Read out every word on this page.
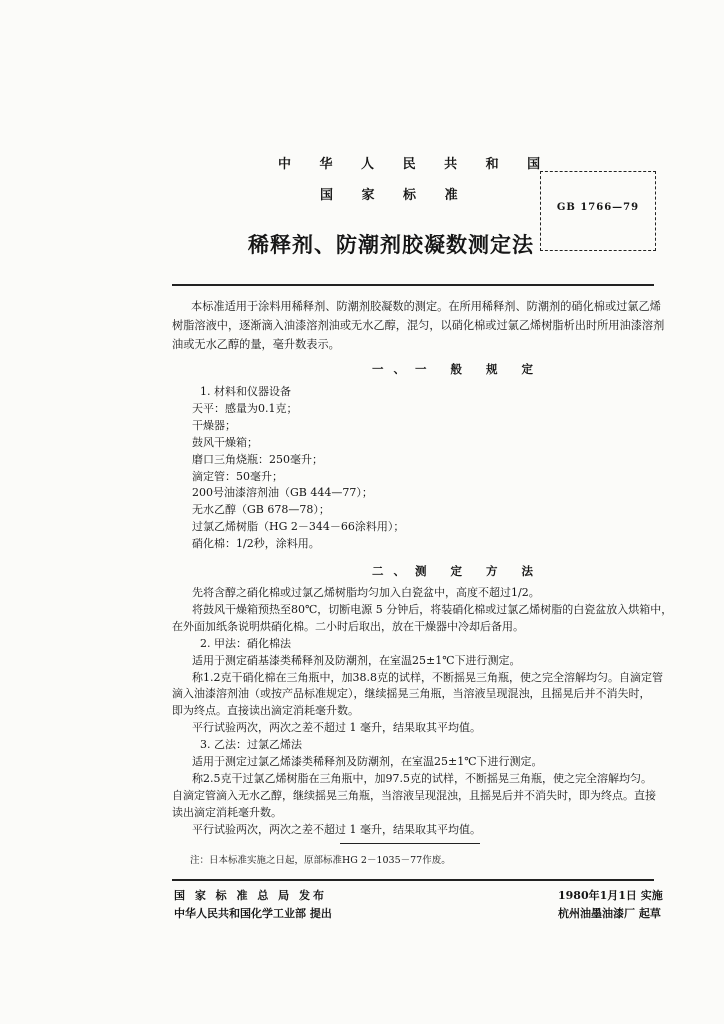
中 华 人 民 共 和 国
国 家 标 准
稀释剂、防潮剂胶凝数测定法
GB 1766—79
本标准适用于涂料用稀释剂、防潮剂胶凝数的测定。在所用稀释剂、防潮剂的硝化棉或过氯乙烯
树脂溶液中，逐渐滴入油漆溶剂油或无水乙醇，混匀，以硝化棉或过氯乙烯树脂析出时所用油漆溶剂
油或无水乙醇的量，毫升数表示。
一、一 般 规 定
1. 材料和仪器设备
天平：感量为0.1克；
干燥器；
鼓风干燥箱；
磨口三角烧瓶：250毫升；
滴定管：50毫升；
200号油漆溶剂油（GB 444—77）；
无水乙醇（GB 678—78）；
过氯乙烯树脂（HG 2－344－66涂料用）；
硝化棉：1/2秒，涂料用。
二、测 定 方 法
先将含醇之硝化棉或过氯乙烯树脂均匀加入白瓷盆中，高度不超过1/2。
将鼓风干燥箱预热至80℃，切断电源 5 分钟后，将装硝化棉或过氯乙烯树脂的白瓷盆放入烘箱中，
在外面加纸条说明烘硝化棉。二小时后取出，放在干燥器中冷却后备用。
2. 甲法：硝化棉法
适用于测定硝基漆类稀释剂及防潮剂，在室温25±1℃下进行测定。
称1.2克干硝化棉在三角瓶中，加38.8克的试样，不断摇晃三角瓶，使之完全溶解均匀。自滴定管
滴入油漆溶剂油（或按产品标准规定），继续摇晃三角瓶，当溶液呈现混浊，且摇晃后并不消失时，
即为终点。直接读出滴定消耗毫升数。
平行试验两次，两次之差不超过 1 毫升，结果取其平均值。
3. 乙法：过氯乙烯法
适用于测定过氯乙烯漆类稀释剂及防潮剂，在室温25±1℃下进行测定。
称2.5克干过氯乙烯树脂在三角瓶中，加97.5克的试样，不断摇晃三角瓶，使之完全溶解均匀。
自滴定管滴入无水乙醇，继续摇晃三角瓶，当溶液呈现混浊，且摇晃后并不消失时，即为终点。直接
读出滴定消耗毫升数。
平行试验两次，两次之差不超过 1 毫升，结果取其平均值。
注：日本标准实施之日起，原部标准HG 2－1035－77作废。
国 家 标 准 总 局 发布
中华人民共和国化学工业部 提出
1980年1月1日 实施
杭州油墨油漆厂 起草
